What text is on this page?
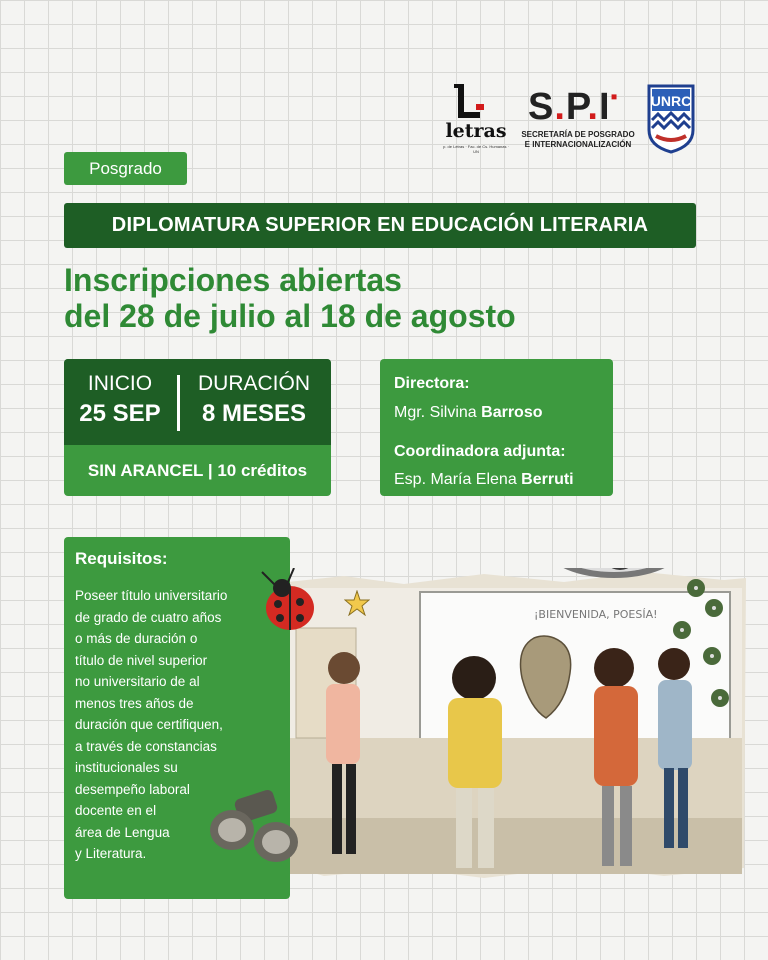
letras
p. de Letras · Fac. de Cs. Humanas · UN
S.P.I▪
SECRETARÍA DE POSGRADO
E INTERNACIONALIZACIÓN
UNRC
Posgrado
DIPLOMATURA SUPERIOR EN EDUCACIÓN LITERARIA
Inscripciones abiertas
del 28 de julio al 18 de agosto
INICIO
25 SEP
DURACIÓN
8 MESES
SIN ARANCEL | 10 créditos
Directora:
Mgr. Silvina Barroso
Coordinadora adjunta:
Esp. María Elena Berruti
¡BIENVENIDA, POESÍA!
Requisitos:
Poseer título universitario
de grado de cuatro años
o más de duración o
título de nivel superior
no universitario de al
menos tres años de
duración que certifiquen,
a través de constancias
institucionales su
desempeño laboral
docente en el
área de Lengua
y Literatura.
